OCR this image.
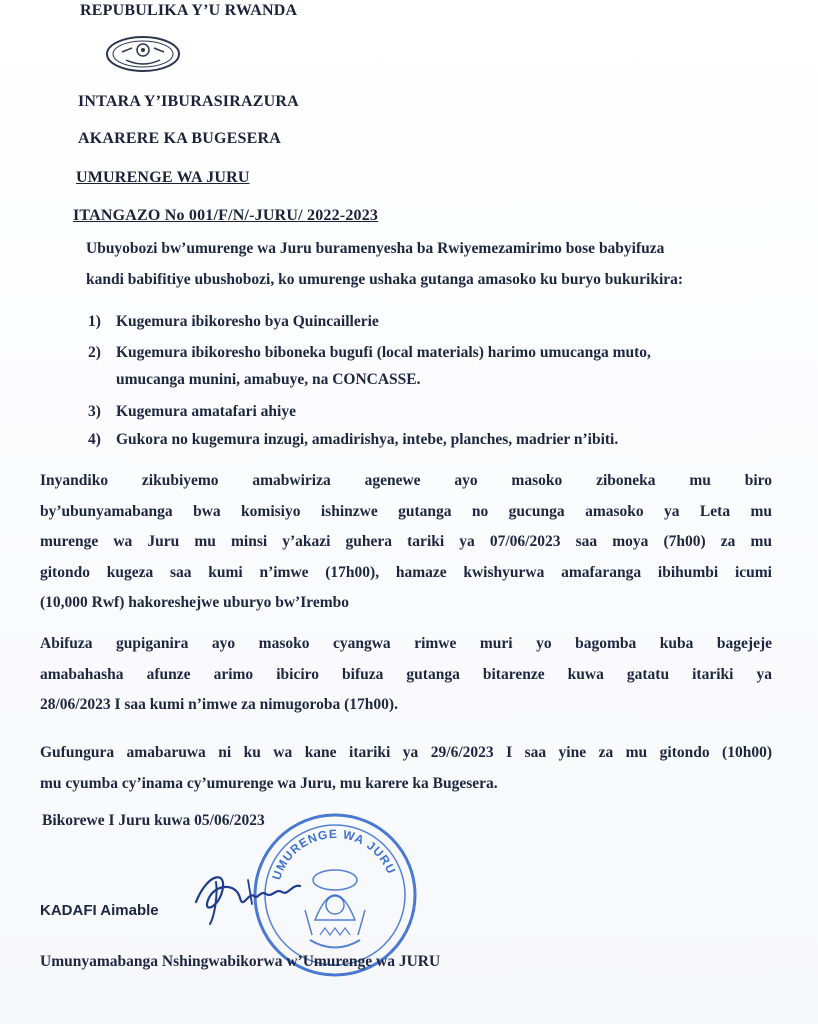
REPUBULIKA Y’U RWANDA
INTARA Y’IBURASIRAZURA
AKARERE KA BUGESERA
UMURENGE WA JURU
ITANGAZO No 001/F/N/-JURU/ 2022-2023
Ubuyobozi bw’umurenge wa Juru buramenyesha ba Rwiyemezamirimo bose babyifuza
kandi babifitiye ubushobozi, ko umurenge ushaka gutanga amasoko ku buryo bukurikira:
1) Kugemura ibikoresho bya Quincaillerie
2) Kugemura ibikoresho biboneka bugufi (local materials) harimo umucanga muto,
umucanga munini, amabuye, na CONCASSE.
3) Kugemura amatafari ahiye
4) Gukora no kugemura inzugi, amadirishya, intebe, planches, madrier n’ibiti.
Inyandiko zikubiyemo amabwiriza agenewe ayo masoko ziboneka mu biro
by’ubunyamabanga bwa komisiyo ishinzwe gutanga no gucunga amasoko ya Leta mu
murenge wa Juru mu minsi y’akazi guhera tariki ya 07/06/2023 saa moya (7h00) za mu
gitondo kugeza saa kumi n’imwe (17h00), hamaze kwishyurwa amafaranga ibihumbi icumi
(10,000 Rwf) hakoreshejwe uburyo bw’Irembo
Abifuza gupiganira ayo masoko cyangwa rimwe muri yo bagomba kuba bagejeje
amabahasha afunze arimo ibiciro bifuza gutanga bitarenze kuwa gatatu itariki ya
28/06/2023 I saa kumi n’imwe za nimugoroba (17h00).
Gufungura amabaruwa ni ku wa kane itariki ya 29/6/2023 I saa yine za mu gitondo (10h00)
mu cyumba cy’inama cy’umurenge wa Juru, mu karere ka Bugesera.
Bikorewe I Juru kuwa 05/06/2023
UMURENGE WA JURU
KADAFI Aimable
Umunyamabanga Nshingwabikorwa w’Umurenge wa JURU
